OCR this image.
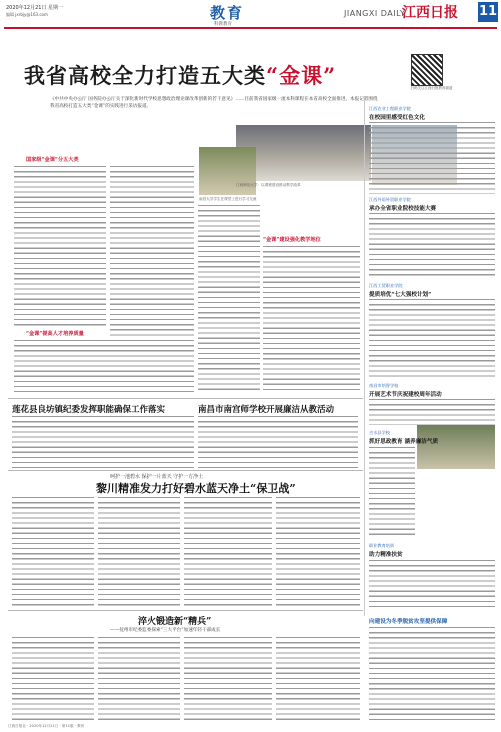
2020年12月21日 星期一
编辑 jxrbjy@163.com	教育
科教教育
JIANGXI DAILY
江西日报 11
我省高校全力打造五大类“金课”	扫码关注江西日报教育频道
《中共中央办公厅 国务院办公厅关于深化新时代学校思想政治理论课改革创新的若干意见》……目前我省国家级一流本科课程在本省高校全面推进，本报记者围绕我省高校打造五大类“金课”的实践进行采访报道。
江西师范大学：以课程建设推动教学改革
南昌大学学生在课堂上进行学习交流
国家级“金课”分五大类
“金课”建设强化教学地位
“金课”提高人才培养质量
江西农业工程职业学院
在校园里感受红色文化
江西外语外贸职业学院
承办全省职业院校技能大赛
江西工贸职业学院
提质培优“七大强校计划”
南昌市培智学校
开展艺术节庆祝建校周年活动
吉水县学校
抓好思政教育 涵养廉洁气质
职业教育培训
助力精准扶贫
向建设为冬季脱贫攻坚提供保障
莲花县良坊镇纪委发挥职能确保工作落实	南昌市南宫师学校开展廉洁从教活动
呵护一池碧水 保护一片蓝天 守护一方净土
黎川精准发力打好碧水蓝天净土“保卫战”
淬火锻造新“精兵”
——抚州市纪委监委探索“三大平台”加速年轻干部成长
江西日报社 · 2020年12月21日 · 第11版 · 教育
